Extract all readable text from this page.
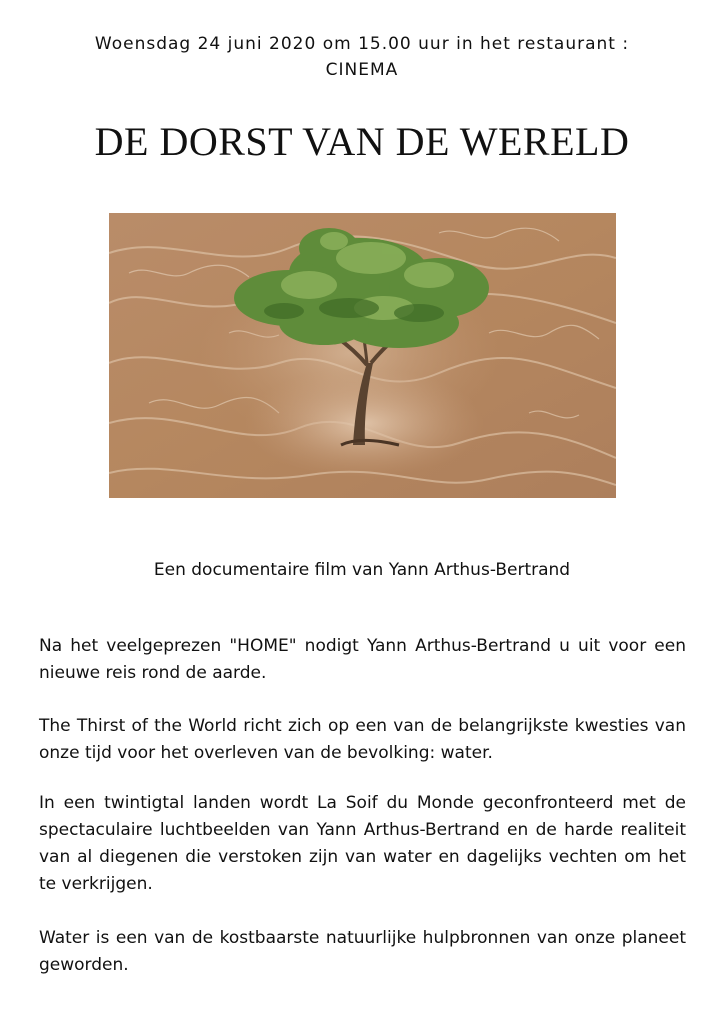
Woensdag 24 juni 2020 om 15.00 uur in het restaurant :
CINEMA
DE DORST VAN DE WERELD
Een documentaire film van Yann Arthus-Bertrand

Na het veelgeprezen "HOME" nodigt Yann Arthus-Bertrand u uit voor een nieuwe reis rond de aarde.

The Thirst of the World richt zich op een van de belangrijkste kwesties van onze tijd voor het overleven van de bevolking: water.

In een twintigtal landen wordt La Soif du Monde geconfronteerd met de spectaculaire luchtbeelden van Yann Arthus-Bertrand en de harde realiteit van al diegenen die verstoken zijn van water en dagelijks vechten om het te verkrijgen.

Water is een van de kostbaarste natuurlijke hulpbronnen van onze planeet geworden.
